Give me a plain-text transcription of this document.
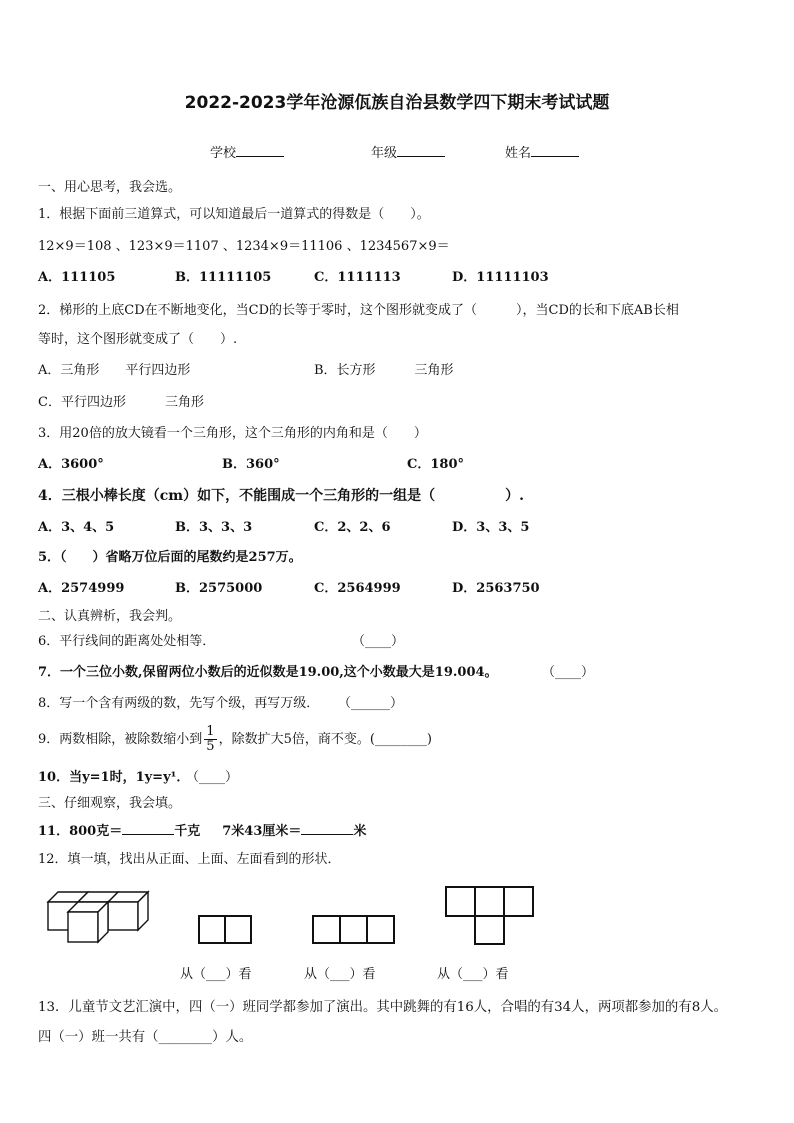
2022-2023学年沧源佤族自治县数学四下期末考试试题
学校	年级	姓名
一、用心思考，我会选。
1．根据下面前三道算式，可以知道最后一道算式的得数是（　　）。
12×9＝108 、123×9＝1107 、1234×9＝11106 、1234567×9＝
A．111105	B．11111105	C．1111113	D．11111103
2．梯形的上底CD在不断地变化，当CD的长等于零时，这个图形就变成了（　　　），当CD的长和下底AB长相
等时，这个图形就变成了（　　）.
A．三角形　　平行四边形	B．长方形　　　三角形
C．平行四边形　　　三角形
3．用20倍的放大镜看一个三角形，这个三角形的内角和是（　　）
A．3600°	B．360°	C．180°
4．三根小棒长度（cm）如下，不能围成一个三角形的一组是（　　　　　）.
A．3、4、5	B．3、3、3	C．2、2、6	D．3、3、5
5．（　　）省略万位后面的尾数约是257万。
A．2574999	B．2575000	C．2564999	D．2563750
二、认真辨析，我会判。
6．平行线间的距离处处相等．	（____）
7．一个三位小数,保留两位小数后的近似数是19.00,这个小数最大是19.004。	（____）
8．写一个含有两级的数，先写个级，再写万级． （______）
9．两数相除，被除数缩小到 $\frac{1}{5}$ ，除数扩大5倍，商不变。(________)
10．当y=1时，1y=y¹．
（____）
三、仔细观察，我会填。
11．800克＝	千克 7米43厘米＝	米
12．填一填，找出从正面、上面、左面看到的形状．
从（___）看	从（___）看	从（___）看
13．儿童节文艺汇演中，四（一）班同学都参加了演出。其中跳舞的有16人，合唱的有34人，两项都参加的有8人。
四（一）班一共有（________）人。
